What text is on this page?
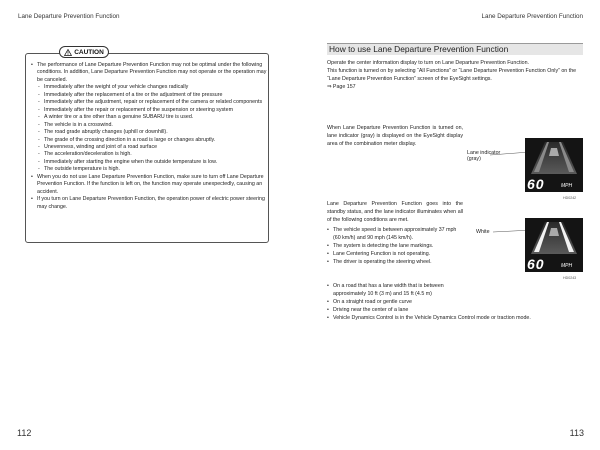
Lane Departure Prevention Function	Lane Departure Prevention Function
CAUTION

• The performance of Lane Departure Prevention Function may not be optimal under the following conditions. In addition, Lane Departure Prevention Function may not operate or the operation may be canceled.

- Immediately after the weight of your vehicle changes radically

- Immediately after the replacement of a tire or the adjustment of tire pressure

- Immediately after the adjustment, repair or replacement of the camera or related components

- Immediately after the repair or replacement of the suspension or steering system

- A winter tire or a tire other than a genuine SUBARU tire is used.

- The vehicle is in a crosswind.

- The road grade abruptly changes (uphill or downhill).

- The grade of the crossing direction in a road is large or changes abruptly.

- Unevenness, winding and joint of a road surface

- The acceleration/deceleration is high.

- Immediately after starting the engine when the outside temperature is low.

- The outside temperature is high.

• When you do not use Lane Departure Prevention Function, make sure to turn off Lane Departure Prevention Function. If the function is left on, the function may operate unexpectedly, causing an accident.

• If you turn on Lane Departure Prevention Function, the operation power of electric power steering may change.

How to use Lane Departure Prevention Function

Operate the center information display to turn on Lane Departure Prevention Function.

This function is turned on by selecting “All Functions” or “Lane Departure Prevention Function Only” on the “Lane Departure Prevention Function” screen of the EyeSight settings.

⇒ Page 157

When Lane Departure Prevention Function is turned on, lane indicator (gray) is displayed on the EyeSight display area of the combination meter display.
Lane indicator (gray)
60	MPH
HD0242
Lane Departure Prevention Function goes into the standby status, and the lane indicator illuminates when all of the following conditions are met.
White
60	MPH
HD0243

• The vehicle speed is between approximately 37 mph (60 km/h) and 90 mph (145 km/h).

• The system is detecting the lane markings.

• Lane Centering Function is not operating.

• The driver is operating the steering wheel.

• On a road that has a lane width that is between approximately 10 ft (3 m) and 15 ft (4.5 m)

• On a straight road or gentle curve

• Driving near the center of a lane

• Vehicle Dynamics Control is in the Vehicle Dynamics Control mode or traction mode.

112	113
